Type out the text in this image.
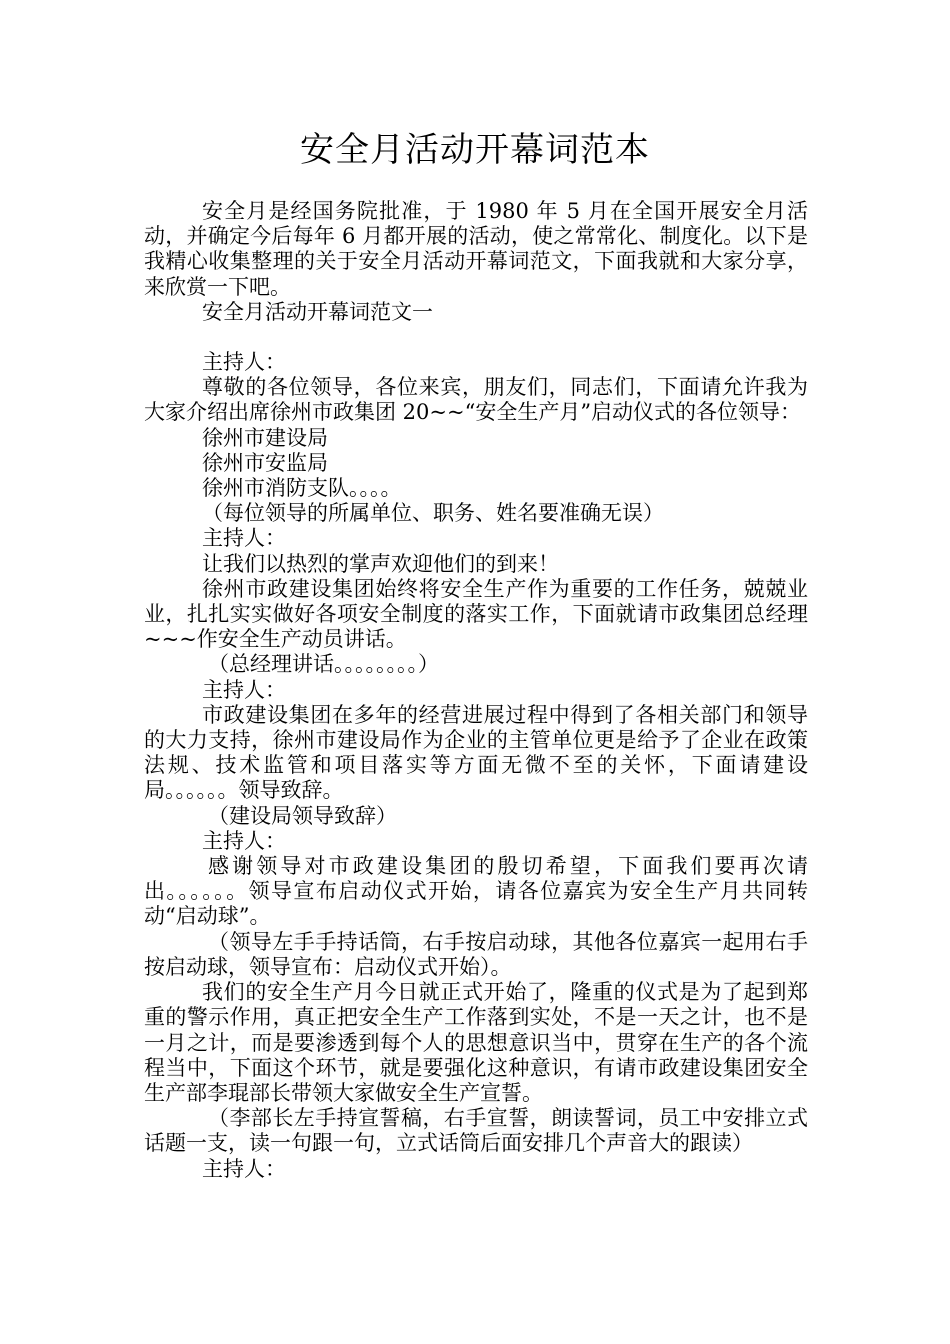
安全月活动开幕词范本

安全月是经国务院批准，于 1980 年 5 月在全国开展安全月活动，并确定今后每年 6 月都开展的活动，使之常常化、制度化。以下是我精心收集整理的关于安全月活动开幕词范文，下面我就和大家分享，来欣赏一下吧。

安全月活动开幕词范文一

主持人：

尊敬的各位领导，各位来宾，朋友们，同志们，下面请允许我为大家介绍出席徐州市政集团 20~~“安全生产月”启动仪式的各位领导：

徐州市建设局

徐州市安监局

徐州市消防支队。。。。

（每位领导的所属单位、职务、姓名要准确无误）

主持人：

让我们以热烈的掌声欢迎他们的到来！

徐州市政建设集团始终将安全生产作为重要的工作任务，兢兢业业，扎扎实实做好各项安全制度的落实工作，下面就请市政集团总经理~~~作安全生产动员讲话。

（总经理讲话。。。。。。。。）

主持人：

市政建设集团在多年的经营进展过程中得到了各相关部门和领导的大力支持，徐州市建设局作为企业的主管单位更是给予了企业在政策法规、技术监管和项目落实等方面无微不至的关怀，下面请建设局。。。。。。领导致辞。

（建设局领导致辞）

主持人：

感谢领导对市政建设集团的殷切希望，下面我们要再次请出。。。。。。领导宣布启动仪式开始，请各位嘉宾为安全生产月共同转动“启动球”。

（领导左手手持话筒，右手按启动球，其他各位嘉宾一起用右手按启动球，领导宣布：启动仪式开始）。

我们的安全生产月今日就正式开始了，隆重的仪式是为了起到郑重的警示作用，真正把安全生产工作落到实处，不是一天之计，也不是一月之计，而是要渗透到每个人的思想意识当中，贯穿在生产的各个流程当中，下面这个环节，就是要强化这种意识，有请市政建设集团安全生产部李琨部长带领大家做安全生产宣誓。

（李部长左手持宣誓稿，右手宣誓，朗读誓词，员工中安排立式话题一支，读一句跟一句，立式话筒后面安排几个声音大的跟读）

主持人：
